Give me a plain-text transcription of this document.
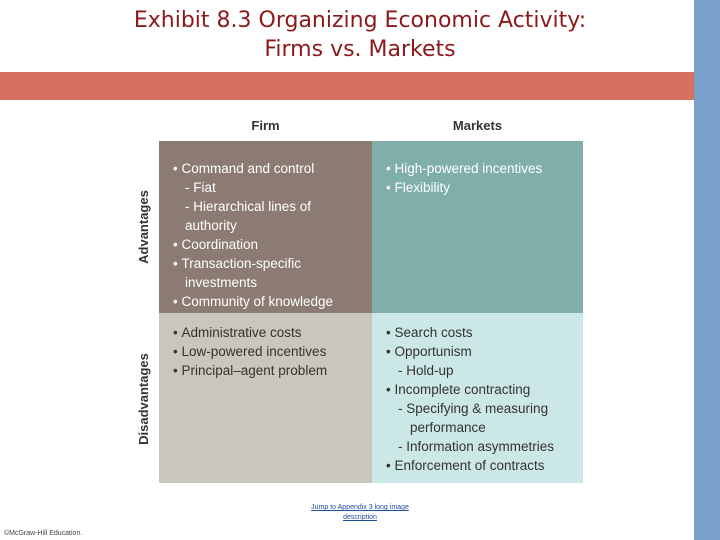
Exhibit 8.3 Organizing Economic Activity:
Firms vs. Markets
Firm	Markets
Advantages
Disadvantages
• Command and control
- Fiat
- Hierarchical lines of authority
• Coordination
• Transaction-specific
investments
• Community of knowledge
• High-powered incentives
• Flexibility
• Administrative costs
• Low-powered incentives
• Principal–agent problem
• Search costs
• Opportunism
- Hold-up
• Incomplete contracting
- Specifying & measuring
performance
- Information asymmetries
• Enforcement of contracts
Jump to Appendix 3 long image description
©McGraw-Hill Education.
